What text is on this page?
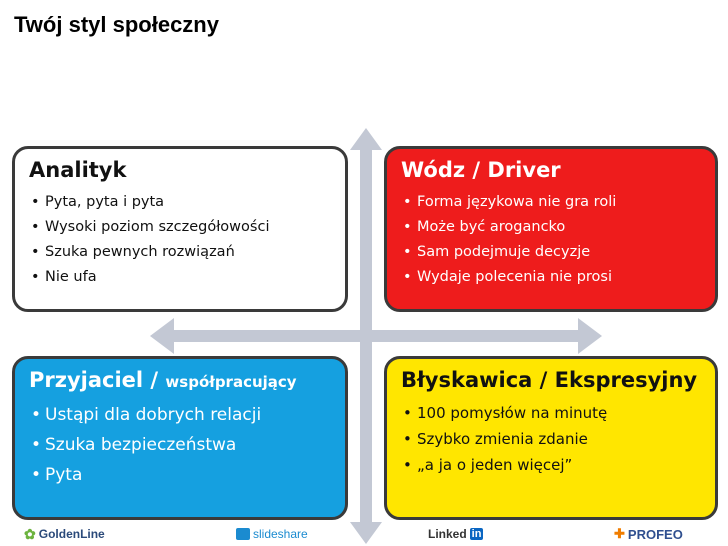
Twój styl społeczny
Analityk
• Pyta, pyta i pyta
• Wysoki poziom szczegółowości
• Szuka pewnych rozwiązań
• Nie ufa
Wódz / Driver
• Forma językowa nie gra roli
• Może być arogancko
• Sam podejmuje decyzje
• Wydaje polecenia nie prosi
Przyjaciel / współpracujący
• Ustąpi dla dobrych relacji
• Szuka bezpieczeństwa
• Pyta
Błyskawica / Ekspresyjny
• 100 pomysłów na minutę
• Szybko zmienia zdanie
• „a ja o jeden więcej”
✿ GoldenLine	slideshare	Linked in	✚ PROFEO
